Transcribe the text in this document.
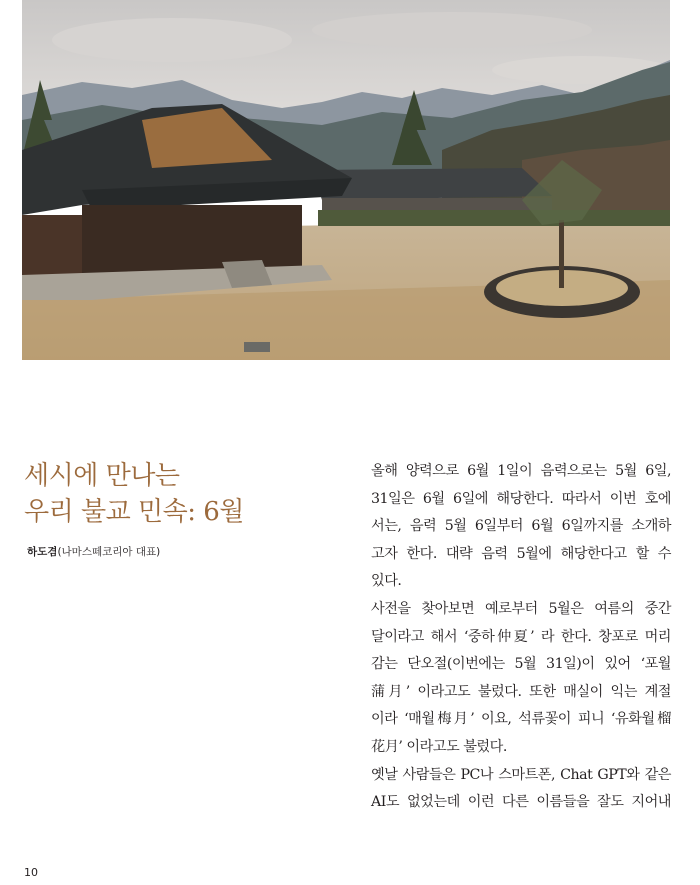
세시에 만나는
우리 불교 민속: 6월
하도겸(나마스떼코리아 대표)
올해 양력으로 6월 1일이 음력으로는 5월 6일,
31일은 6월 6일에 해당한다. 따라서 이번 호에
서는, 음력 5월 6일부터 6월 6일까지를 소개하
고자 한다. 대략 음력 5월에 해당한다고 할 수
있다.
사전을 찾아보면 예로부터 5월은 여름의 중간
달이라고 해서 ‘중하仲夏’ 라 한다. 창포로 머리
감는 단오절(이번에는 5월 31일)이 있어 ‘포월
蒲月’ 이라고도 불렀다. 또한 매실이 익는 계절
이라 ‘매월梅月’ 이요, 석류꽃이 피니 ‘유화월榴
花月’ 이라고도 불렀다.
옛날 사람들은 PC나 스마트폰, Chat GPT와 같은
AI도 없었는데 이런 다른 이름들을 잘도 지어내
10
